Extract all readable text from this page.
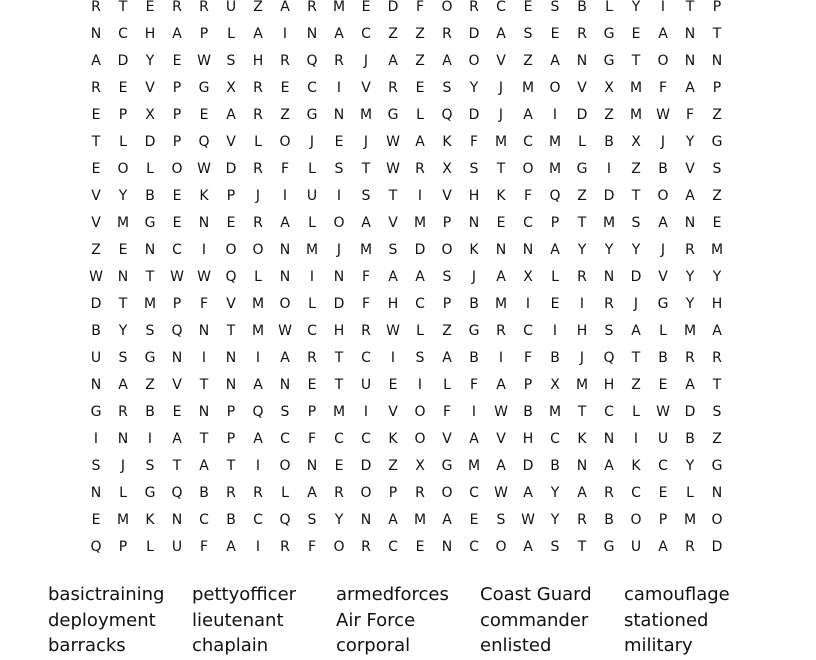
R	T	E	R	R	U	Z	A	R	M	E	D	F	O	R	C	E	S	B	L	Y	I	T	P
N	C	H	A	P	L	A	I	N	A	C	Z	Z	R	D	A	S	E	R	G	E	A	N	T
A	D	Y	E	W	S	H	R	Q	R	J	A	Z	A	O	V	Z	A	N	G	T	O	N	N
R	E	V	P	G	X	R	E	C	I	V	R	E	S	Y	J	M	O	V	X	M	F	A	P
E	P	X	P	E	A	R	Z	G	N	M	G	L	Q	D	J	A	I	D	Z	M	W	F	Z
T	L	D	P	Q	V	L	O	J	E	J	W	A	K	F	M	C	M	L	B	X	J	Y	G
E	O	L	O	W	D	R	F	L	S	T	W	R	X	S	T	O	M	G	I	Z	B	V	S
V	Y	B	E	K	P	J	I	U	I	S	T	I	V	H	K	F	Q	Z	D	T	O	A	Z
V	M	G	E	N	E	R	A	L	O	A	V	M	P	N	E	C	P	T	M	S	A	N	E
Z	E	N	C	I	O	O	N	M	J	M	S	D	O	K	N	N	A	Y	Y	Y	J	R	M
W	N	T	W W	Q	L	N	I	N	F	A	A	S	J	A	X	L	R	N	D	V	Y	Y
D	T	M	P	F	V	M	O	L	D	F	H	C	P	B	M	I	E	I	R	J	G	Y	H
B	Y	S	Q	N	T	M	W	C	H	R	W	L	Z	G	R	C	I	H	S	A	L	M	A
U	S	G	N	I	N	I	A	R	T	C	I	S	A	B	I	F	B	J	Q	T	B	R	R
N	A	Z	V	T	N	A	N	E	T	U	E	I	L	F	A	P	X	M	H	Z	E	A	T
G	R	B	E	N	P	Q	S	P	M	I	V	O	F	I	W	B	M	T	C	L	W	D	S
I	N	I	A	T	P	A	C	F	C	C	K	O	V	A	V	H	C	K	N	I	U	B	Z
S	J	S	T	A	T	I	O	N	E	D	Z	X	G	M	A	D	B	N	A	K	C	Y	G
N	L	G	Q	B	R	R	L	A	R	O	P	R	O	C	W	A	Y	A	R	C	E	L	N
E	M	K	N	C	B	C	Q	S	Y	N	A	M	A	E	S	W	Y	R	B	O	P	M	O
Q	P	L	U	F	A	I	R	F	O	R	C	E	N	C	O	A	S	T	G	U	A	R	D
basictraining
deployment
barracks
pettyofficer
lieutenant
chaplain
armedforces
Air Force
corporal
Coast Guard
commander
enlisted
camouflage
stationed
military
